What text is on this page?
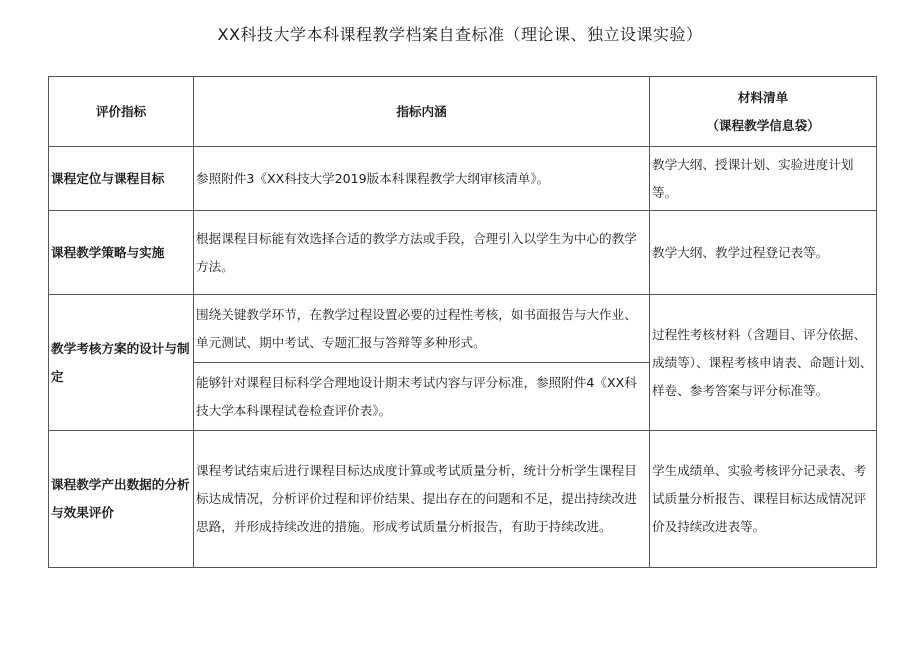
XX科技大学本科课程教学档案自查标准（理论课、独立设课实验）
评价指标	指标内涵	材料清单
（课程教学信息袋）

课程定位与课程目标	参照附件3《XX科技大学2019版本科课程教学大纲审核清单》。	教学大纲、授课计划、实验进度计划等。
课程教学策略与实施	根据课程目标能有效选择合适的教学方法或手段，合理引入以学生为中心的教学方法。	教学大纲、教学过程登记表等。
教学考核方案的设计与制定	围绕关键教学环节，在教学过程设置必要的过程性考核，如书面报告与大作业、单元测试、期中考试、专题汇报与答辩等多种形式。	过程性考核材料（含题目、评分依据、成绩等）、课程考核申请表、命题计划、样卷、参考答案与评分标准等。
	能够针对课程目标科学合理地设计期末考试内容与评分标准，参照附件4《XX科技大学本科课程试卷检查评价表》。	
课程教学产出数据的分析与效果评价	课程考试结束后进行课程目标达成度计算或考试质量分析，统计分析学生课程目标达成情况，分析评价过程和评价结果、提出存在的问题和不足，提出持续改进思路，并形成持续改进的措施。形成考试质量分析报告，有助于持续改进。	学生成绩单、实验考核评分记录表、考试质量分析报告、课程目标达成情况评价及持续改进表等。
